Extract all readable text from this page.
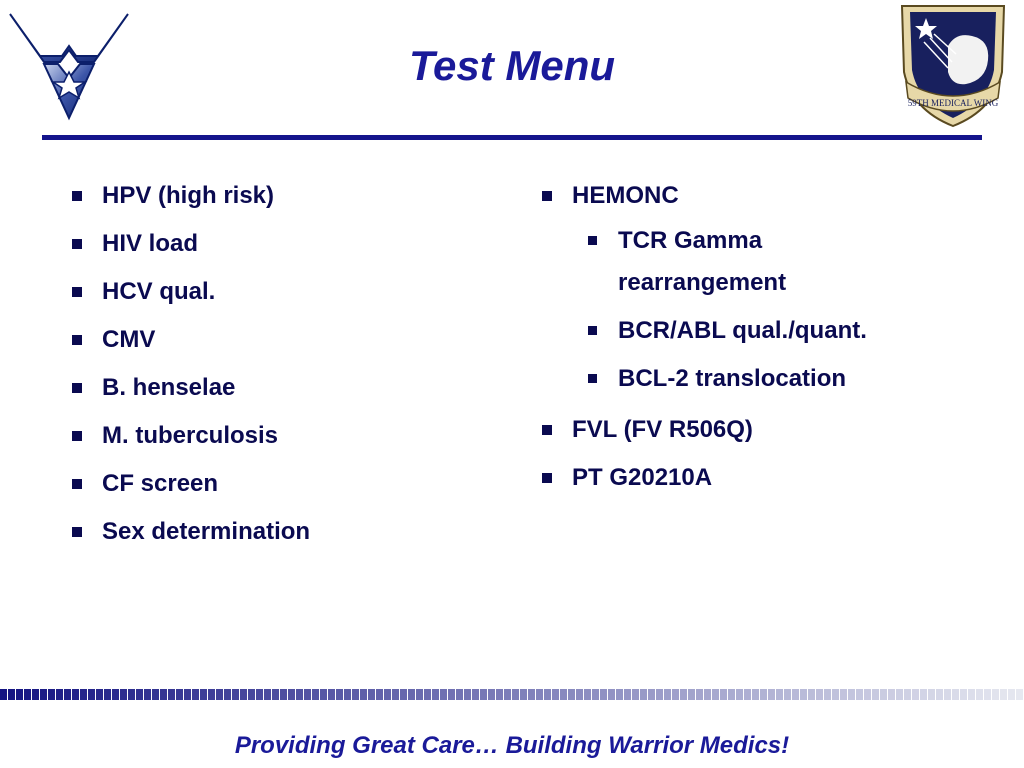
59TH MEDICAL WING
Test Menu
HPV (high risk)
HIV load
HCV qual.
CMV
B. henselae
M. tuberculosis
CF screen
Sex determination
HEMONC
TCR Gamma rearrangement
BCR/ABL qual./quant.
BCL-2 translocation
FVL (FV R506Q)
PT G20210A
Providing Great Care… Building Warrior Medics!
